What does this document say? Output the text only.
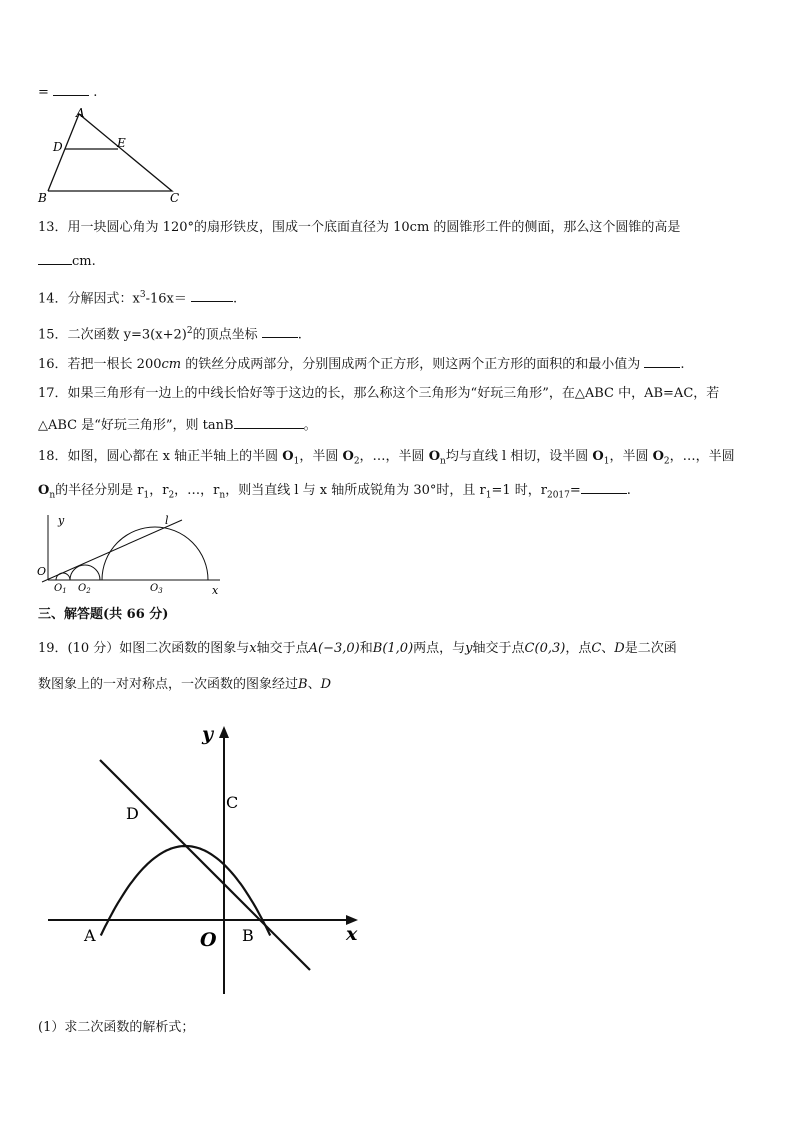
=	.
A
D	E
B	C
13．用一块圆心角为 120°的扇形铁皮，围成一个底面直径为 10cm 的圆锥形工件的侧面，那么这个圆锥的高是
cm.
14．分解因式：$x^3-16x=$	.
15．二次函数 $y=3(x+2)^2$的顶点坐标	.
16．若把一根长 200cm 的铁丝分成两部分，分别围成两个正方形，则这两个正方形的面积的和最小值为	.
17．如果三角形有一边上的中线长恰好等于这边的长，那么称这个三角形为“好玩三角形”，在△ABC 中，AB=AC，若
△ABC 是“好玩三角形”，则 tanB	。
18．如图，圆心都在 x 轴正半轴上的半圆 $O_1$，半圆 $O_2$，…，半圆 $O_n$均与直线 l 相切，设半圆 $O_1$，半圆 $O_2$，…，半圆
$O_n$的半径分别是 $r_1$，$r_2$，…，$r_n$，则当直线 l 与 x 轴所成锐角为 30°时，且 $r_1=1$ 时，$r_{2017}=$	.
y	l
O
$O_1$ $O_2$	$O_3$	x
三、解答题(共 66 分)
19．(10 分）如图二次函数的图象与x轴交于点A(−3,0)和B(1,0)两点，与y轴交于点C(0,3)，点C、D是二次函
数图象上的一对对称点，一次函数的图象经过B、D
y
C
D
A	O B	x
(1）求二次函数的解析式；
